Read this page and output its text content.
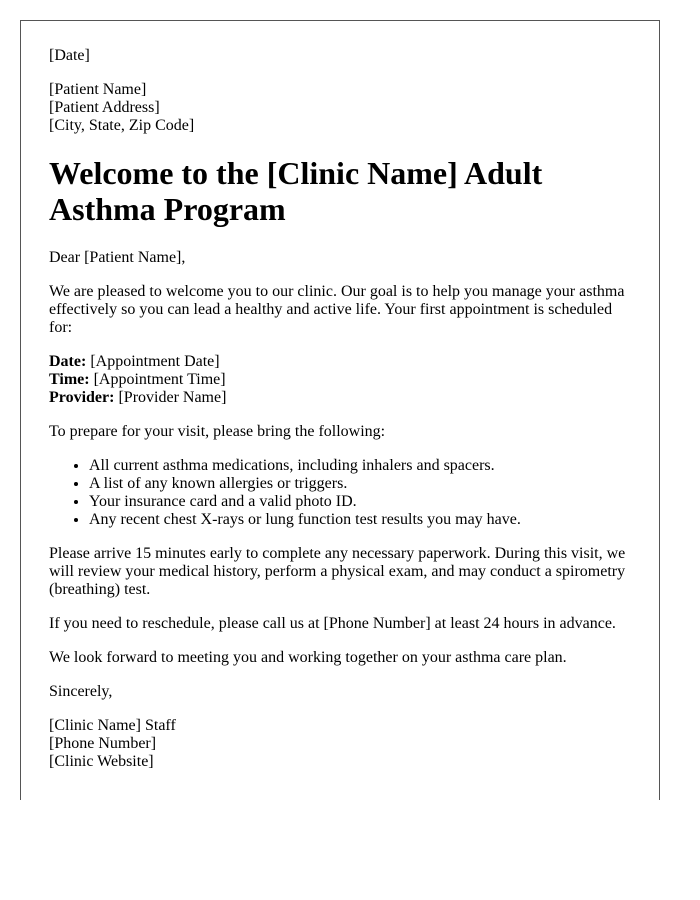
[Date]

[Patient Name]
[Patient Address]
[City, State, Zip Code]
Welcome to the [Clinic Name] Adult Asthma Program

Dear [Patient Name],

We are pleased to welcome you to our clinic. Our goal is to help you manage your asthma effectively so you can lead a healthy and active life. Your first appointment is scheduled for:

Date: [Appointment Date]
Time: [Appointment Time]
Provider: [Provider Name]

To prepare for your visit, please bring the following:

• All current asthma medications, including inhalers and spacers.
• A list of any known allergies or triggers.
• Your insurance card and a valid photo ID.
• Any recent chest X-rays or lung function test results you may have.

Please arrive 15 minutes early to complete any necessary paperwork. During this visit, we will review your medical history, perform a physical exam, and may conduct a spirometry (breathing) test.

If you need to reschedule, please call us at [Phone Number] at least 24 hours in advance.

We look forward to meeting you and working together on your asthma care plan.

Sincerely,

[Clinic Name] Staff
[Phone Number]
[Clinic Website]
